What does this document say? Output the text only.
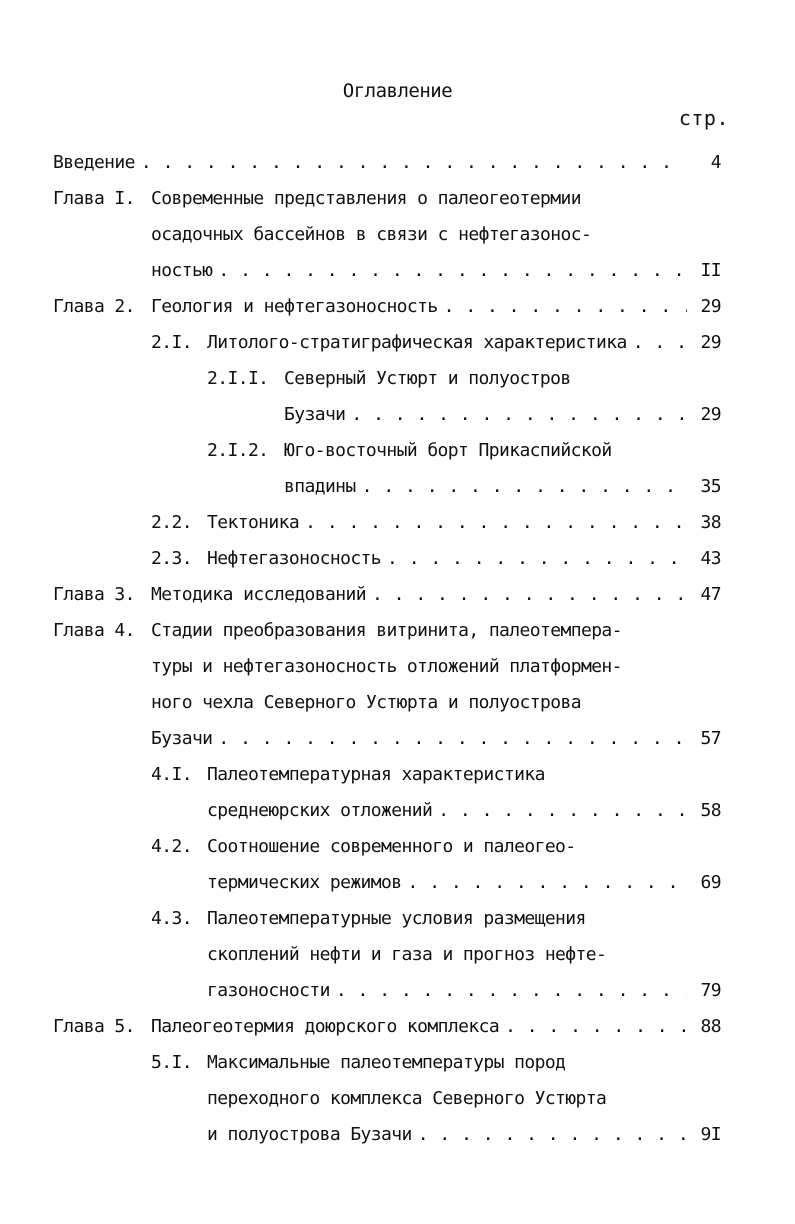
Оглавление
стр.
Введение . . .	4
Глава I. Современные представления о палеогеотермии
осадочных бассейнов в связи с нефтегазонос-
ностью . . .	II
Глава 2. Геология и нефтегазоносность . . .	29
2.I. Литолого-стратиграфическая характеристика . . .	29
2.I.I. Северный Устюрт и полуостров
Бузачи . . .	29
2.I.2. Юго-восточный борт Прикаспийской
впадины . . .	35
2.2. Тектоника . . .	38
2.3. Нефтегазоносность . . .	43
Глава 3. Методика исследований . . .	47
Глава 4. Стадии преобразования витринита, палеотемпера-
туры и нефтегазоносность отложений платформен-
ного чехла Северного Устюрта и полуострова
Бузачи . . .	57
4.I. Палеотемпературная характеристика
среднеюрских отложений . . .	58
4.2. Соотношение современного и палеогео-
термических режимов . . .	69
4.3. Палеотемпературные условия размещения
скоплений нефти и газа и прогноз нефте-
газоносности . . .	79
Глава 5. Палеогеотермия доюрского комплекса . . .	88
5.I. Максимальные палеотемпературы пород
переходного комплекса Северного Устюрта
и полуострова Бузачи . . .	9I
